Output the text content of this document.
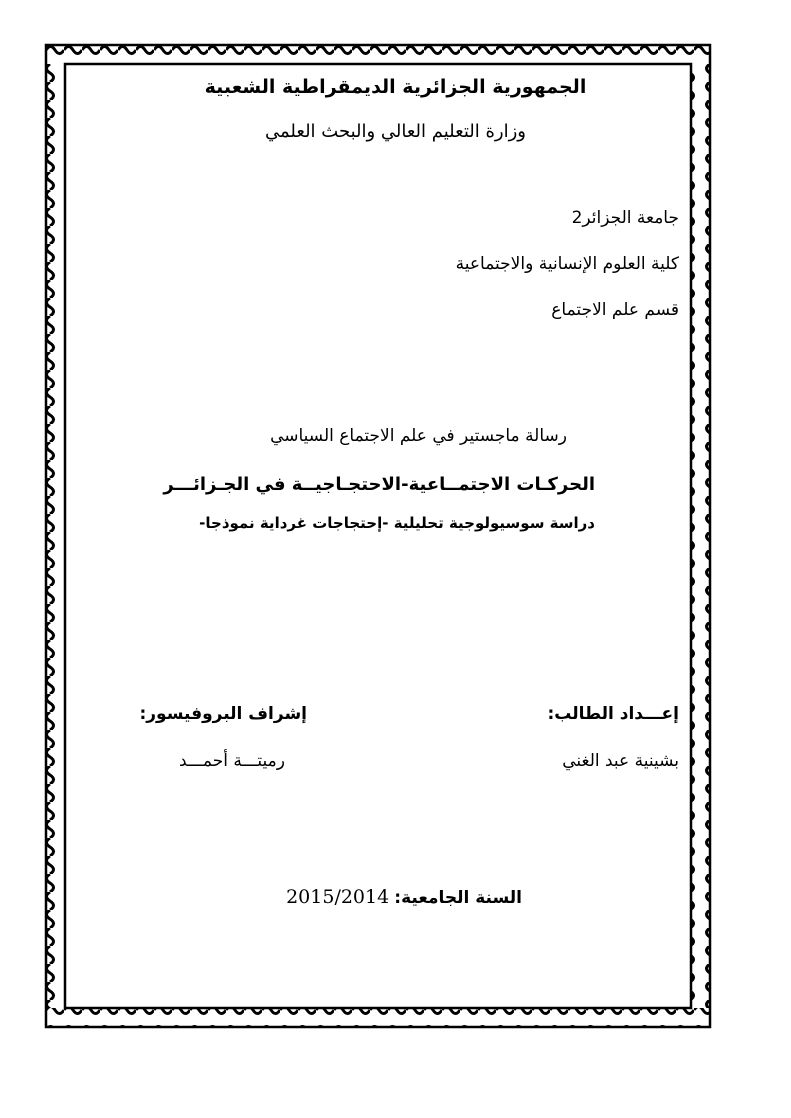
الجمهورية الجزائرية الديمقراطية الشعبية
وزارة التعليم العالي والبحث العلمي
جامعة الجزائر2
كلية العلوم الإنسانية والاجتماعية
قسم علم الاجتماع
رسالة ماجستير في علم الاجتماع السياسي
الحركـات الاجتمــاعية-الاحتجـاجيــة في الجـزائـــر
دراسة سوسيولوجية تحليلية -إحتجاجات غرداية نموذجا-
إعـــداد الطالب:
بشينية عبد الغني
إشراف البروفيسور:
رميتـــة أحمـــد
السنة الجامعية: 2015/2014
